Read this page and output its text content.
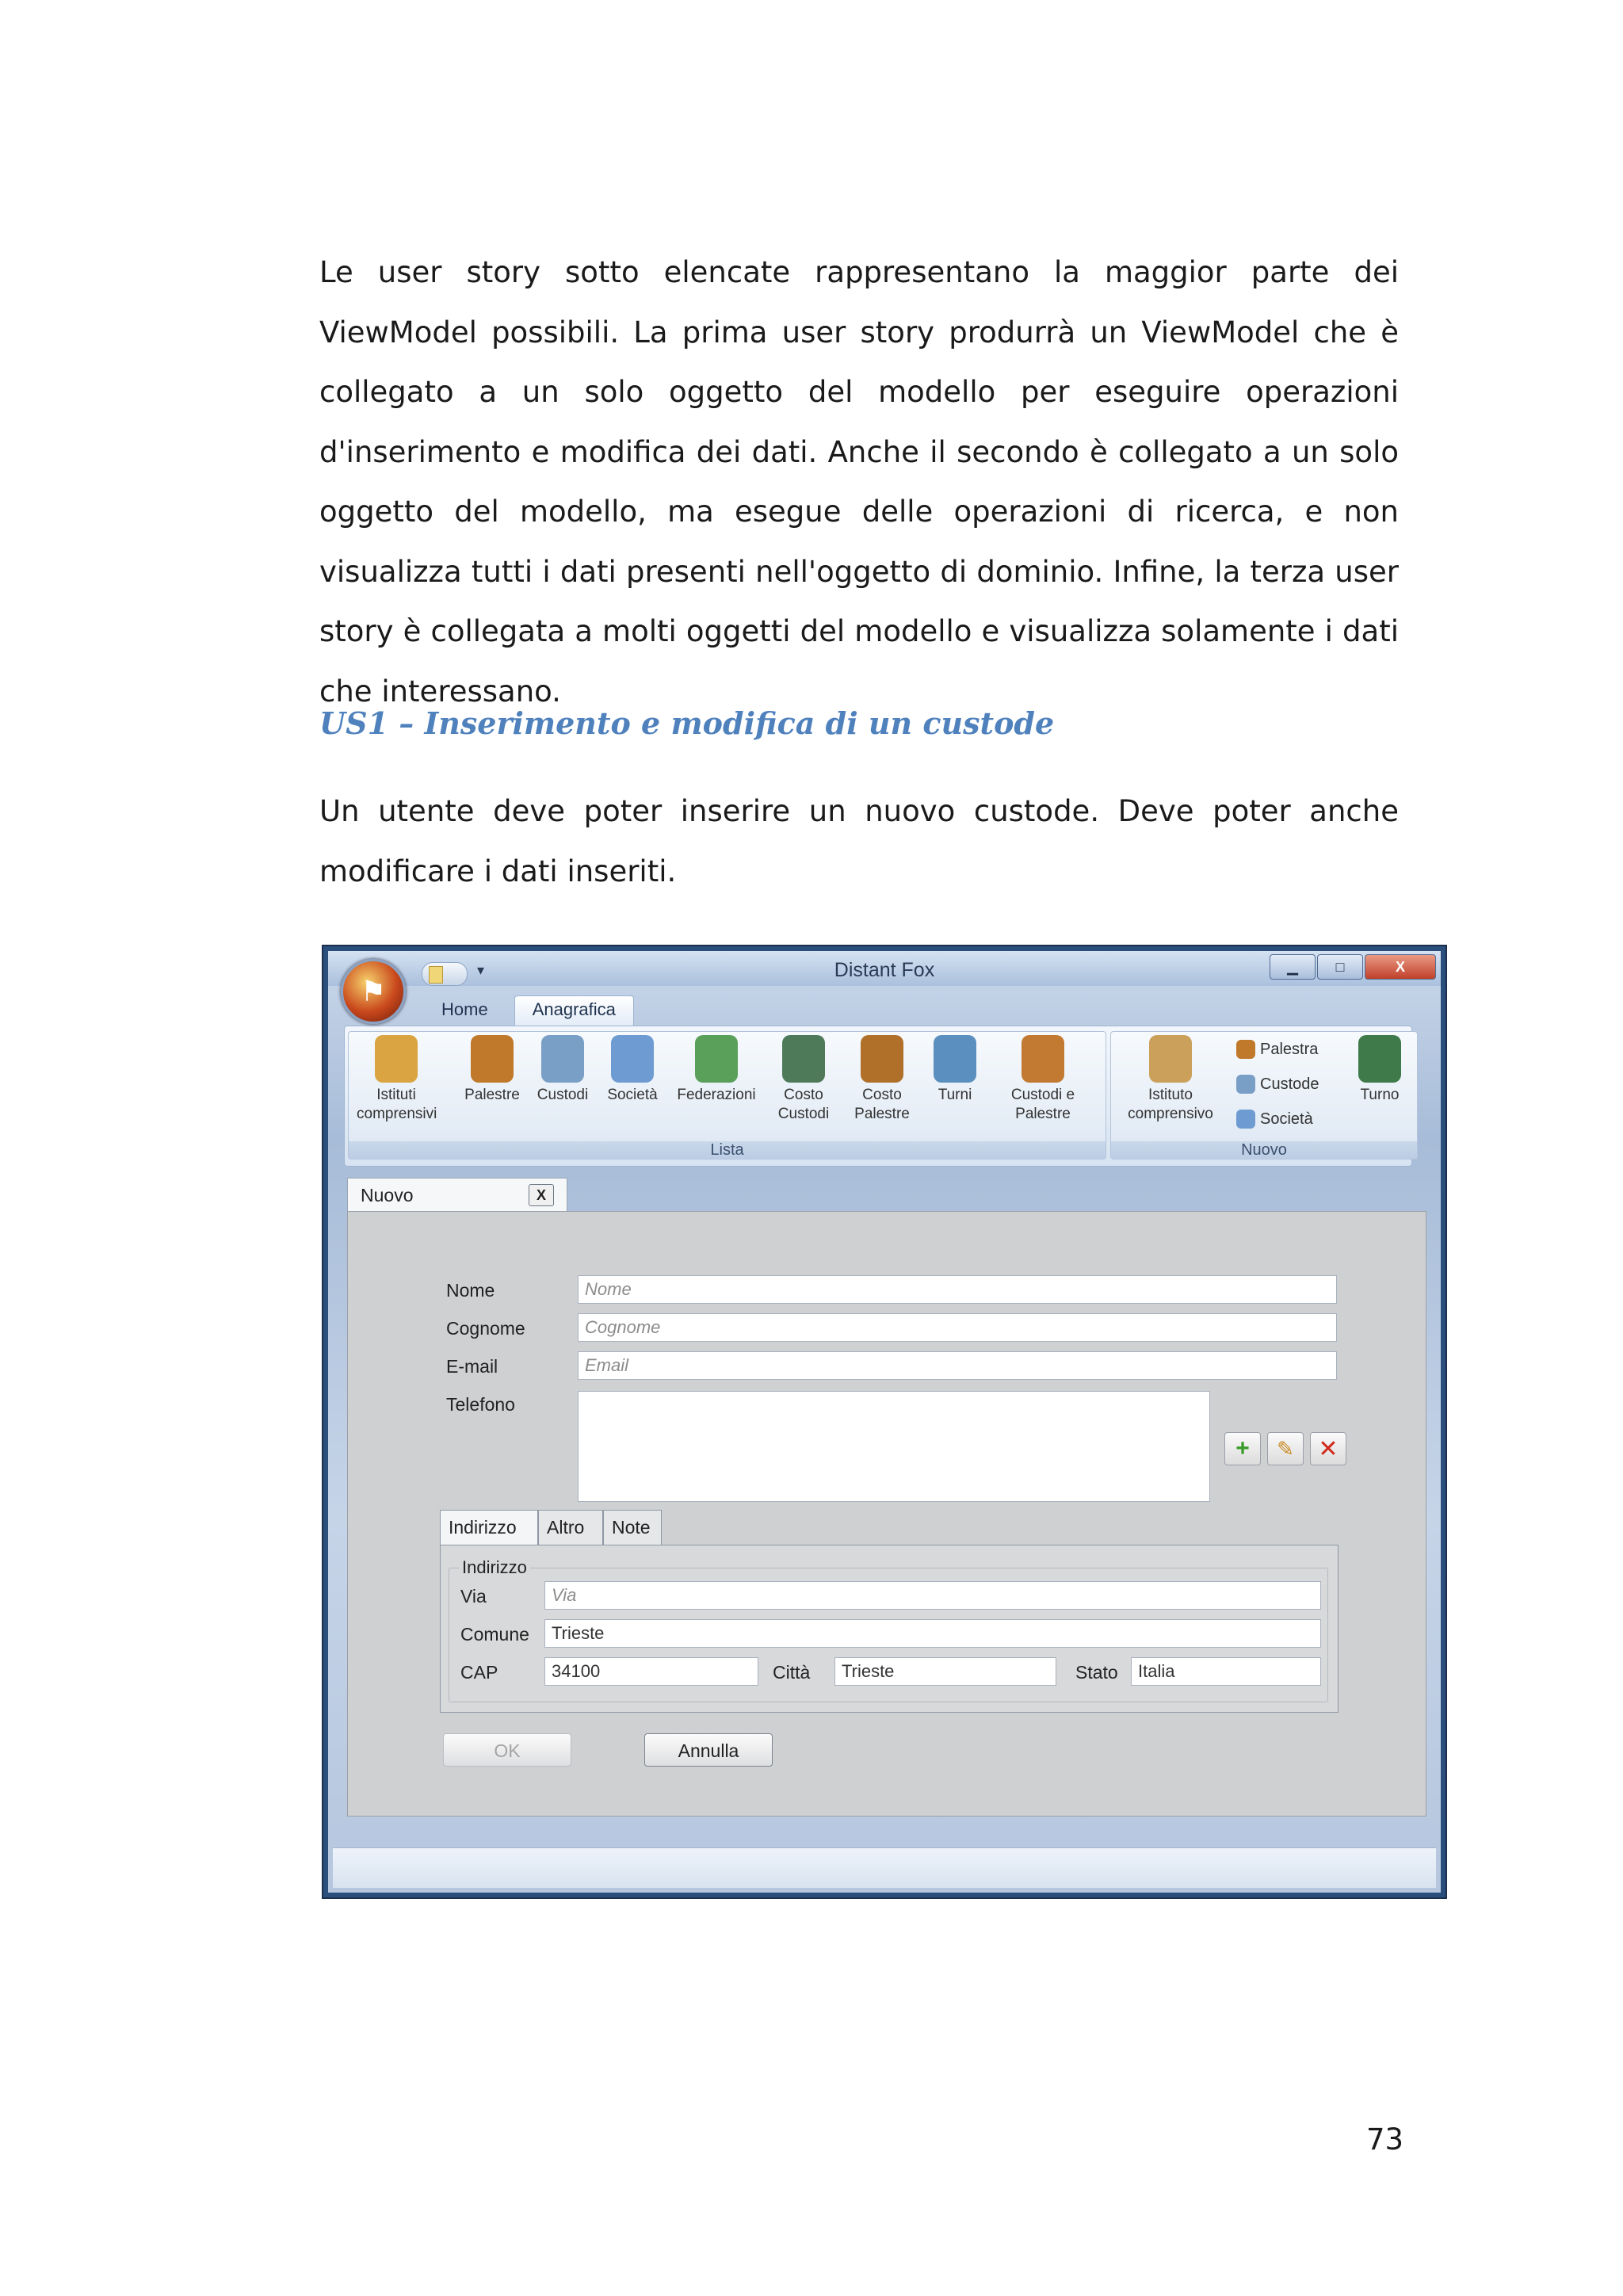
Le user story sotto elencate rappresentano la maggior parte dei ViewModel possibili. La prima user story produrrà un ViewModel che è collegato a un solo oggetto del modello per eseguire operazioni d'inserimento e modifica dei dati. Anche il secondo è collegato a un solo oggetto del modello, ma esegue delle operazioni di ricerca, e non visualizza tutti i dati presenti nell'oggetto di dominio. Infine, la terza user story è collegata a molti oggetti del modello e visualizza solamente i dati che interessano.

US1 – Inserimento e modifica di un custode

Un utente deve poter inserire un nuovo custode. Deve poter anche modificare i dati inseriti.

Distant Fox
▾	▁	□	X
⚑
Home	Anagrafica
Istituti
comprensivi
Palestre	Custodi	Società	Federazioni	Costo
Custodi
Costo
Palestre
Turni	Custodi e
Palestre
Lista
Istituto
comprensivo
Palestra
Custode
Società
Turno
Nuovo
Nuovo	X
Nome	Nome
Cognome	Cognome
E-mail	Email
Telefono
+ ✎ ✕
Indirizzo	Altro	Note
Indirizzo
Via	Via
Comune	Trieste
CAP	34100	Città	Trieste	Stato	Italia
OK	Annulla
73
